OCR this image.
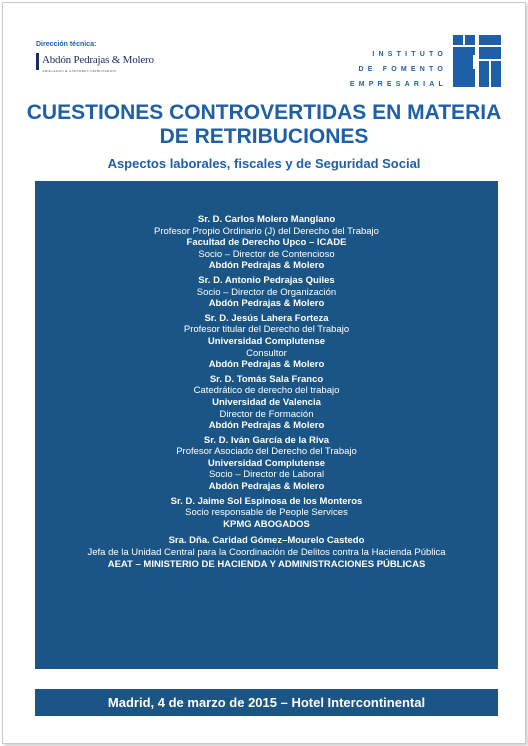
Dirección técnica:
Abdón Pedrajas & Molero
ABOGADOS & ASESORES TRIBUTARIOS
INSTITUTO
DE FOMENTO
EMPRESARIAL
CUESTIONES CONTROVERTIDAS EN MATERIA DE RETRIBUCIONES
Aspectos laborales, fiscales y de Seguridad Social
Sr. D. Carlos Molero Manglano
Profesor Propio Ordinario (J) del Derecho del Trabajo
Facultad de Derecho Upco – ICADE
Socio – Director de Contencioso
Abdón Pedrajas & Molero
Sr. D. Antonio Pedrajas Quiles
Socio – Director de Organización
Abdón Pedrajas & Molero
Sr. D. Jesús Lahera Forteza
Profesor titular del Derecho del Trabajo
Universidad Complutense
Consultor
Abdón Pedrajas & Molero
Sr. D. Tomás Sala Franco
Catedrático de derecho del trabajo
Universidad de Valencia
Director de Formación
Abdón Pedrajas & Molero
Sr. D. Iván García de la Riva
Profesor Asociado del Derecho del Trabajo
Universidad Complutense
Socio – Director de Laboral
Abdón Pedrajas & Molero
Sr. D. Jaime Sol Espinosa de los Monteros
Socio responsable de People Services
KPMG ABOGADOS
Sra. Dña. Caridad Gómez–Mourelo Castedo
Jefa de la Unidad Central para la Coordinación de Delitos contra la Hacienda Pública
AEAT – MINISTERIO DE HACIENDA Y ADMINISTRACIONES PÚBLICAS
Madrid, 4 de marzo de 2015 – Hotel Intercontinental
